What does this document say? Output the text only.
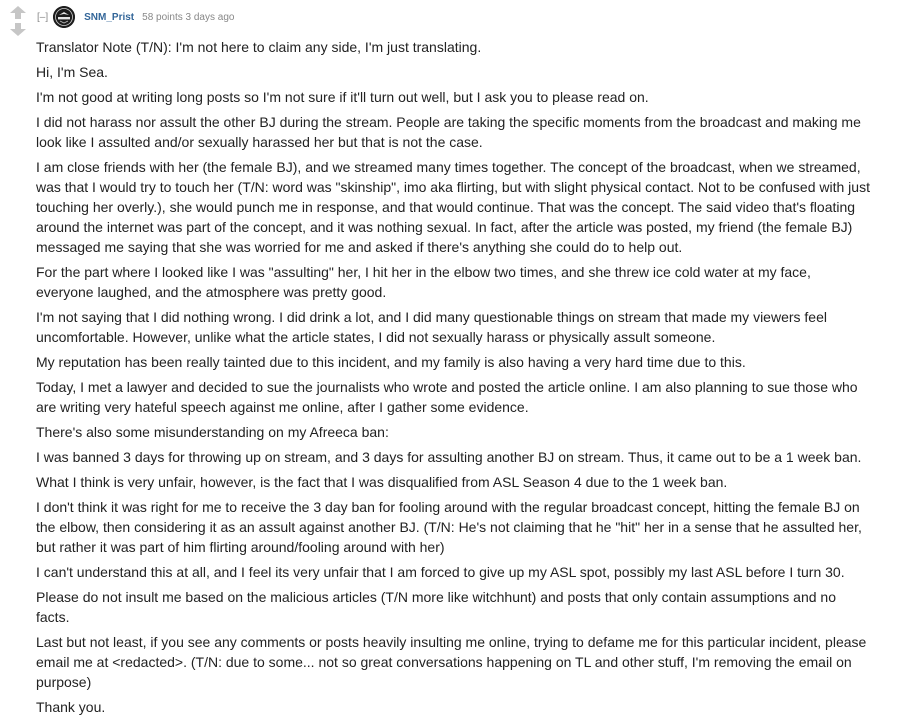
[–]	SNM_Prist 58 points
3 days ago

Translator Note (T/N): I'm not here to claim any side, I'm just translating.

Hi, I'm Sea.

I'm not good at writing long posts so I'm not sure if it'll turn out well, but I ask you to please read on.

I did not harass nor assult the other BJ during the stream. People are taking the specific moments from the broadcast and making me look like I assulted and/or sexually harassed her but that is not the case.

I am close friends with her (the female BJ), and we streamed many times together. The concept of the broadcast, when we streamed, was that I would try to touch her (T/N: word was "skinship", imo aka flirting, but with slight physical contact. Not to be confused with just touching her overly.), she would punch me in response, and that would continue. That was the concept. The said video that's floating around the internet was part of the concept, and it was nothing sexual. In fact, after the article was posted, my friend (the female BJ) messaged me saying that she was worried for me and asked if there's anything she could do to help out.

For the part where I looked like I was "assulting" her, I hit her in the elbow two times, and she threw ice cold water at my face, everyone laughed, and the atmosphere was pretty good.

I'm not saying that I did nothing wrong. I did drink a lot, and I did many questionable things on stream that made my viewers feel uncomfortable. However, unlike what the article states, I did not sexually harass or physically assult someone.

My reputation has been really tainted due to this incident, and my family is also having a very hard time due to this.

Today, I met a lawyer and decided to sue the journalists who wrote and posted the article online. I am also planning to sue those who are writing very hateful speech against me online, after I gather some evidence.

There's also some misunderstanding on my Afreeca ban:

I was banned 3 days for throwing up on stream, and 3 days for assulting another BJ on stream. Thus, it came out to be a 1 week ban.

What I think is very unfair, however, is the fact that I was disqualified from ASL Season 4 due to the 1 week ban.

I don't think it was right for me to receive the 3 day ban for fooling around with the regular broadcast concept, hitting the female BJ on the elbow, then considering it as an assult against another BJ. (T/N: He's not claiming that he "hit" her in a sense that he assulted her, but rather it was part of him flirting around/fooling around with her)

I can't understand this at all, and I feel its very unfair that I am forced to give up my ASL spot, possibly my last ASL before I turn 30.

Please do not insult me based on the malicious articles (T/N more like witchhunt) and posts that only contain assumptions and no facts.

Last but not least, if you see any comments or posts heavily insulting me online, trying to defame me for this particular incident, please email me at <redacted>. (T/N: due to some... not so great conversations happening on TL and other stuff, I'm removing the email on purpose)

Thank you.
